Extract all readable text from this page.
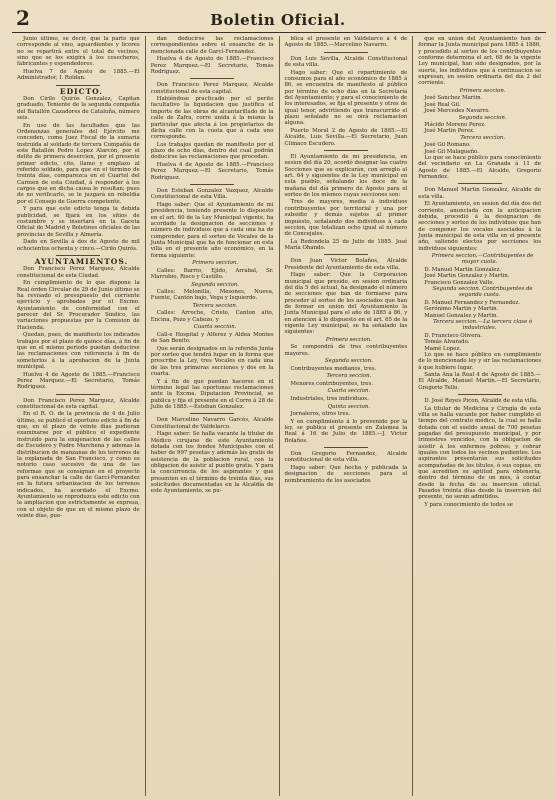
2	Boletin Oficial.

Junio último, se decir, que la parte que corresponde al vino, aguardientes y licores no se repartirá entre el total de vecinos, sino que se los exigirá á los cosecheros, fabricantes y espendedores.

Huelva 7 de Agosto de 1885.—El Administrador, I. Roldan.

EDICTO.

Don Cirilo Quirós Gonzalez, Capitan graduado, Teniente de la segunda compañía del Batallón Cazadores de Cataluña, número seis.

En uso de las facultades que las Ordenanzas generales del Ejército me conceden, como Juez Fiscal de la sumaria instruida al soldado de tercera Compañía de este Batallón Pedro Lopez Alarcón, por el delito de primera desercion, por el presente primer edicto, cito, llamo y emplazo al referido soldado, para que en el término de treinta días, comparezca en el Cuartel del Carmen de esta Ciudad, á responder á los cargos que en dicha causa le resultan; pues de no verificarlo, se le juzgará en rebeldía por el Consejo de Guerra competente.

Y para que este edicto tenga la debida publicidad, se fijará en los sitios de costumbre y se insertará en la Gaceta Oficial de Madrid y Boletines oficiales de las provincias de Sevilla y Almería.

Dado en Sevilla á dos de Agosto de mil ochocientos ochenta y cinco.—Cirilo Quirós.

AYUNTAMIENTOS.

Don Francisco Perez Marquez, Alcalde constitucional de esta Ciudad.

En cumplimiento de lo que dispone la Real órden Circular de 29 de Junio último se ha revisado el presupuesto del corriente ejercicio y aprobados por el Excmo. Ayuntamiento de conformidad con el parecer del Sr. Procurador Síndico, las variaciones propuestas por la Comision de Hacienda.

Quedan, pues, de manifiesto los indicados trabajos por el plazo de quince días, á fin de que en el mismo periodo puedan deducirse las reclamaciones con referencia á fin de someterlos á la aprobacion de la Junta municipal.

Huelva 4 de Agosto de 1885.—Francisco Perez Marquez.—El Secretario, Tomás Rodriguez.

Don Francisco Perez Marquez, Alcalde constitucional de esta capital.

En el R. O. de la provincia de 4 de Julio último, se publicó el oportuno edicto á fin de que, en el plazo de veinte días pudieran examinarse por el público el expediente instruido para la enajenacion de las calles de Escudero y Padre Marchena y ademas la distribucion de manzanas de los terrenos de la explanada de San Francisco, y como es notorio caso sucesivo de una de las reformas que se consignan en el proyecto para ensanchar la calle de Garcí-Fernandez en la futura urbanizacion de los terrenos indicados, ha acordado el Excmo. Ayuntamiento se reproduzca este edicto con la ampliacion que estrictamente se expresa, con el objeto de que en el mismo plazo de veinte días, pue-

dan deducirse las reclamaciones correspondientes sobre el ensanche de la mencionada calle de Garcí-Fernandez.

Huelva 4 de Agosto de 1885.—Francisco Perez Marquez.—El Secretario, Tomás Rodriguez.

Don Francisco Perez Marquez, Alcalde constitucional de esta capital.

Habiéndose practicado por el perito facultativo la liquidacion que justifica el importe de las obras de alcantarillado de la calle de Zafra, corre unida á la misma la particular que afecta á los propietarios de dicha calle con la cuota que á cada uno corresponde.

Los trabajos quedan de manifiesto por el plazo de ocho días, dentro del cual podrán deducirse las reclamaciones que procedan.

Huelva 4 de Agosto de 1885.—Francisco Perez Marquez.—El Secretario, Tomás Rodriguez.

Don Esteban Gonzalez Vazquez, Alcalde Constitucional de esta Villa.

Hago saber: Que el Ayuntamiento de mi presidencia, teniendo presente lo dispuesto en el art. 60 de la Ley Municipal vigente, ha acordado la designacion de secciones y número de individuos que á cada una ha de comprender, para el sorteo de Vocales de la Junta Municipal que ha de funcionar en esta villa en el presente año económico, en la forma siguiente:

Primera seccion.

Calles: Barrio, Ejido, Arrabal, Sr. Marrubio, Risco y Castillo.

Segunda seccion.

Calles: Melonilla, Mesones, Nueva, Fuente, Cantón bajo, Vega y Isquierdo.

Tercera seccion.

Calles: Arroche, Cristo, Canton alto, Encina, Pozo y Cabezo, y

Cuarta seccion.

Call-e Hospital y Alferez y Aldea Montes de San Benito.

Que serán designados en la referida Junta por sorteo que tendrá lugar en la forma que prescribe la Ley, tres Vocales en cada una de las tres primeras secciones y dos en la cuarta.

Y á fin de que puedan hacerse en el término legal las oportunas reclamaciones ante la Excma. Diputacion Provincial, se publica y fija el presente en el Corro á 28 de Julio de 1885.—Esteban Gonzalez.

Don Marcelino Navarro Garcés, Alcalde Constitucional de Valdelarco.

Hago saber: Se halla vacante la titular de Médico cirujano de este Ayuntamiento dotada con los fondos Municipales con el haber de 997 pesetas y además las gratis de asistencia de la poblacion rural, con la obligacion de asistir al pueblo gratis. Y para la concurrencia de los aspirantes y que presenten en el término de treinta días, sus solicitudes documentadas en la Alcaldía de este Ayuntamiento, se pu-

blica el presente en Valdelarco á 4 de Agosto de 1885.—Marcelino Navarro.

Don Luis Sevilla, Alcalde Constitucional de esta villa.

Hago saber: Que el repartimiento de consumos para el año económico de 1885 á 86, se encuentra de manifiesto al público por término de ocho días en la Secretaría del Ayuntamiento; y para el conocimiento de los interesados, se fija el presente y otros de igual tenor, advirtiendo que transcurrido el plazo señalado no se oirá reclamacion alguna.

Puerto Moral 2 de Agosto de 1885.—El Alcalde, Luis Sevilla.—El Secretario, Juan Climaco Escudero.

El Ayuntamiento de mi presidencia, en sesion del día 20, acordó designar las cuatro Secciones que se explicarán, con arreglo al art. 64 y siguientes de la Ley municipal en esta pueblo, señalando los doce de la mañana del día primero de Agosto para el sorteo de los mismos cuyas secciones son:

Tres de mayores, media á individuos contribuyentes por territorial y una por subsidio y demás sujetos al primer impuesto, señalando dos individuos á cada seccion, que totalizan ocho igual al número de Concejales.

La Redondela 25 de Julio de 1885. José María Ohando.

Don Juan Victor Bolaños, Alcalde Presidente del Ayuntamiento de esta villa.

Hago saber: Que la Corporacion municipal que presido, en sesion ordinaria del día 5 del actual, ha designado el número de secciones que han de formarse para proceder al sorteo de los asociados que han de formar en union del Ayuntamiento la Junta Municipal para el año de 1885 á 86, y en atencion á lo dispuesto en el art. 65 de la vigente Ley municipal, se ha señalado las siguientes:

Primera seccion.

Se compondrá de tres contribuyentes mayores.

Segunda seccion.

Contribuyentes medianos, tres.

Tercera seccion.

Menores contribuyentes, tres.

Cuarta seccion.

Industriales, tres individuos.

Quinta seccion.

Jornaleros, otros tres.

Y en cumplimiento á lo prevenido por la ley, se publica el presente en Zalamea la Real á 16 de Julio de 1885.—J. Victor Bolaños.

Don Gregorio Fernandez, Alcalde constitucional de esta villa.

Hago saber: Que hecha y publicada la designacion de secciones para el nombramiento de los asociados

que en union del Ayuntamiento han de formar la Junta municipal para 1885 á 1886, y procedido al sorteo de los contribuyentes conforme determina el art. 68 de la vigente Ley municipal, han sido designados, por la suerte, los individuos que á continuacion se expresan, en sesion ordinaria del día 2 del corriente.

Primera seccion.

José Sanchez Martin.

José Real Gil.

José Mercedes Navarro.

Segunda seccion.

Plácido Moreno Perez.

José Martin Perez.

Tercera seccion.

José Gil Romano.

José Gil Malagueño.

Lo que se hace público para conocimiento del vecindario en La Granada á 11 de Agosto de 1885.—El Alcalde, Gregorio Fernandez.

Don Manuel Martin Gonzalez, Alcalde de esta villa.

El Ayuntamiento, en sesion del día dos del corriente, anunciada con la anticipacion debida, procedió á la designacion de secciones y sorteo de los individuos que han de componer los vocales asociados á la Junta municipal de esta villa en el presente año, saliendo electos por secciones los individuos siguientes:

Primera seccion.—Contribuyentes de mayor cuota.

D. Manuel Martin Gonzalez.

José Martin Gonzalez y Martin.

Francisco Gonzalez Valle.

Segunda seccion. Contribuyentes de segunda cuota.

D. Manuel Fernandez y Fernandez.

Gerónimo Martin y Martin.

Manuel Gonzalez y Martin.

Tercera seccion.—La tercera clase ó industriales.

D. Francisco Olivera.

Tomás Alvarado.

Mamé Lopez.

Lo que se hace público en cumplimiento de lo mencionado ley y sir las reclamaciones á que hubiere lugar.

Santa Ana la Real 4 de Agosto de 1885.—El Alcalde, Manuel Martin.—El Secretario, Gregorio Tello.

D. José Reyes Picon, Alcalde de esta villa.

La titular de Medicina y Cirugía de esta villa se halla vacante por haber cumplido el tiempo del contrato médico, la cual se halla dotada con el sueldo anual de 700 pesetas pagadas del presupuesto municipal, y por trimestres vencidos, con la obligacion de asistir á los enfermos pobres; y cobrar iguales con todos los vecinos pudientes. Los aspirantes presentarán sus solicitudes acompañadas de los títulos, ó sus copias, en que acrediten su aptitud para obtenerla, dentro del término de un mes, á contar desde la fecha de su insercion oficial. Pasados treinta días desde la insercion del presente, no serán admitidos.

Y para conocimiento de todos se
